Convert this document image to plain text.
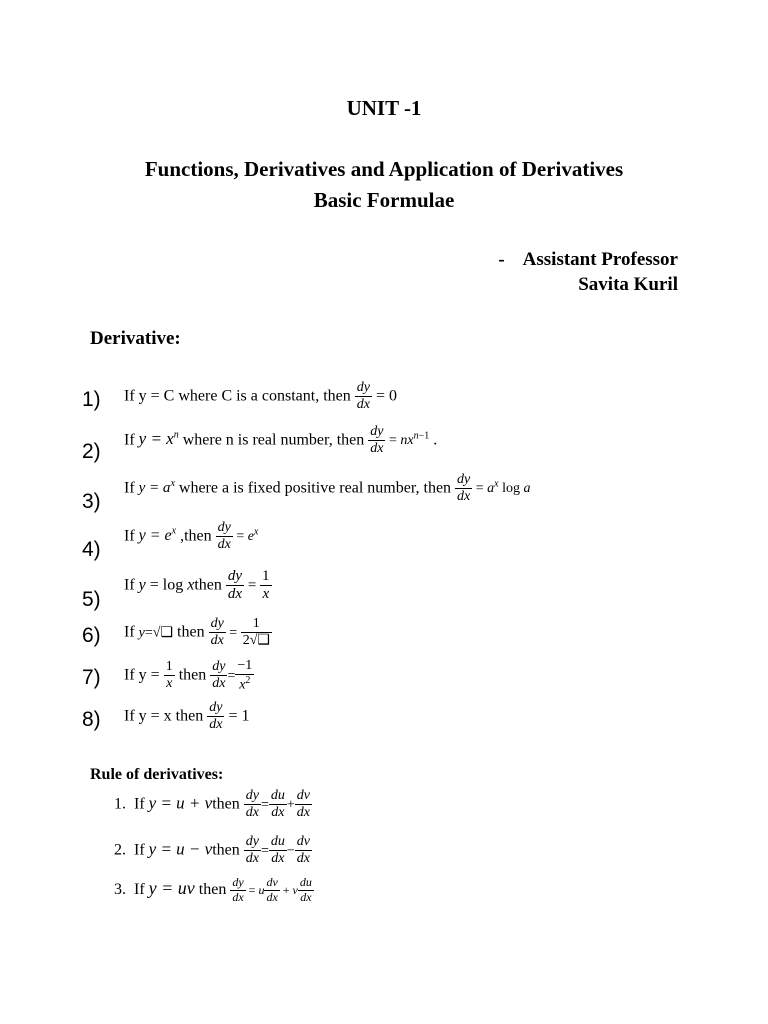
UNIT -1
Functions, Derivatives and Application of Derivatives
Basic Formulae
- Assistant Professor
Savita Kuril
Derivative:
1) If y = C where C is a constant, then $\frac{dy}{dx} = 0$
2)
If $y = x^n$ where n is real number, then $\frac{dy}{dx} = nx^{n-1}$ .
3)
If $y = a^x$ where a is fixed positive real number, then $\frac{dy}{dx} = a^x$ log a
4)
If $y = e^x$ ,then $\frac{dy}{dx} = e^x$
5)
If y = log xthen $\frac{dy}{dx} = \frac{1}{x}$
6) If y=√❑ then $\frac{dy}{dx} = \frac{1}{2√❑}$
7) If $y = \frac{1}{x}$ then $\frac{dy}{dx} = \frac{-1}{x^2}$
8) If y = x then $\frac{dy}{dx} = 1$
Rule of derivatives:
1. If y = u + vthen $\frac{dy}{dx} = \frac{du}{dx} + \frac{dv}{dx}$
2. If y = u − vthen $\frac{dy}{dx} = \frac{du}{dx} - \frac{dv}{dx}$
3. If y = uv then $\frac{dy}{dx} = u \frac{dv}{dx} + v \frac{du}{dx}$
